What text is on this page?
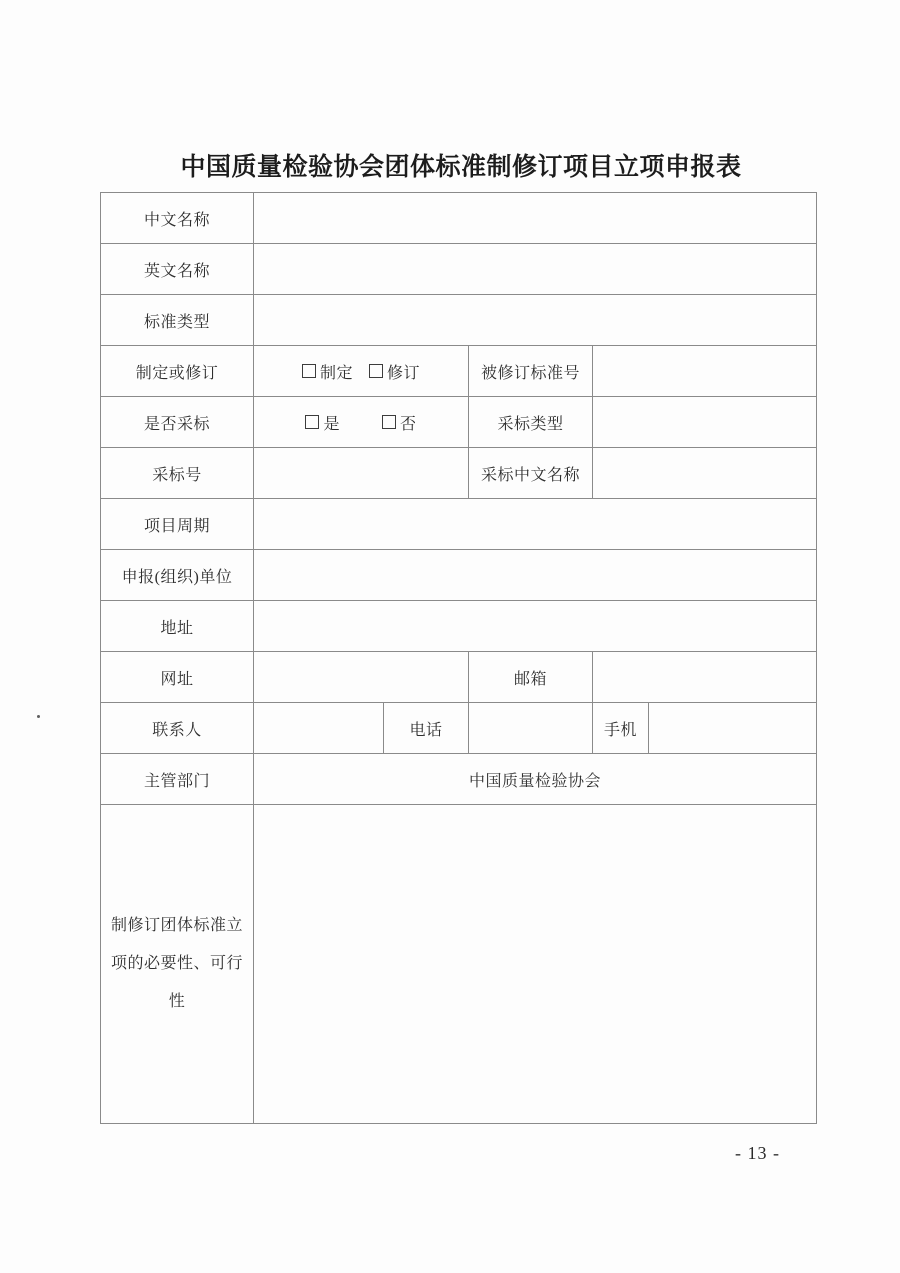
中国质量检验协会团体标准制修订项目立项申报表
中文名称
英文名称
标准类型
制定或修订	制定 修订	被修订标准号
是否采标	是	否	采标类型
采标号	采标中文名称
项目周期
申报(组织)单位
地址
网址	邮箱
联系人	电话	手机
主管部门	中国质量检验协会
制修订团体标准立项的必要性、可行性
- 13 -
